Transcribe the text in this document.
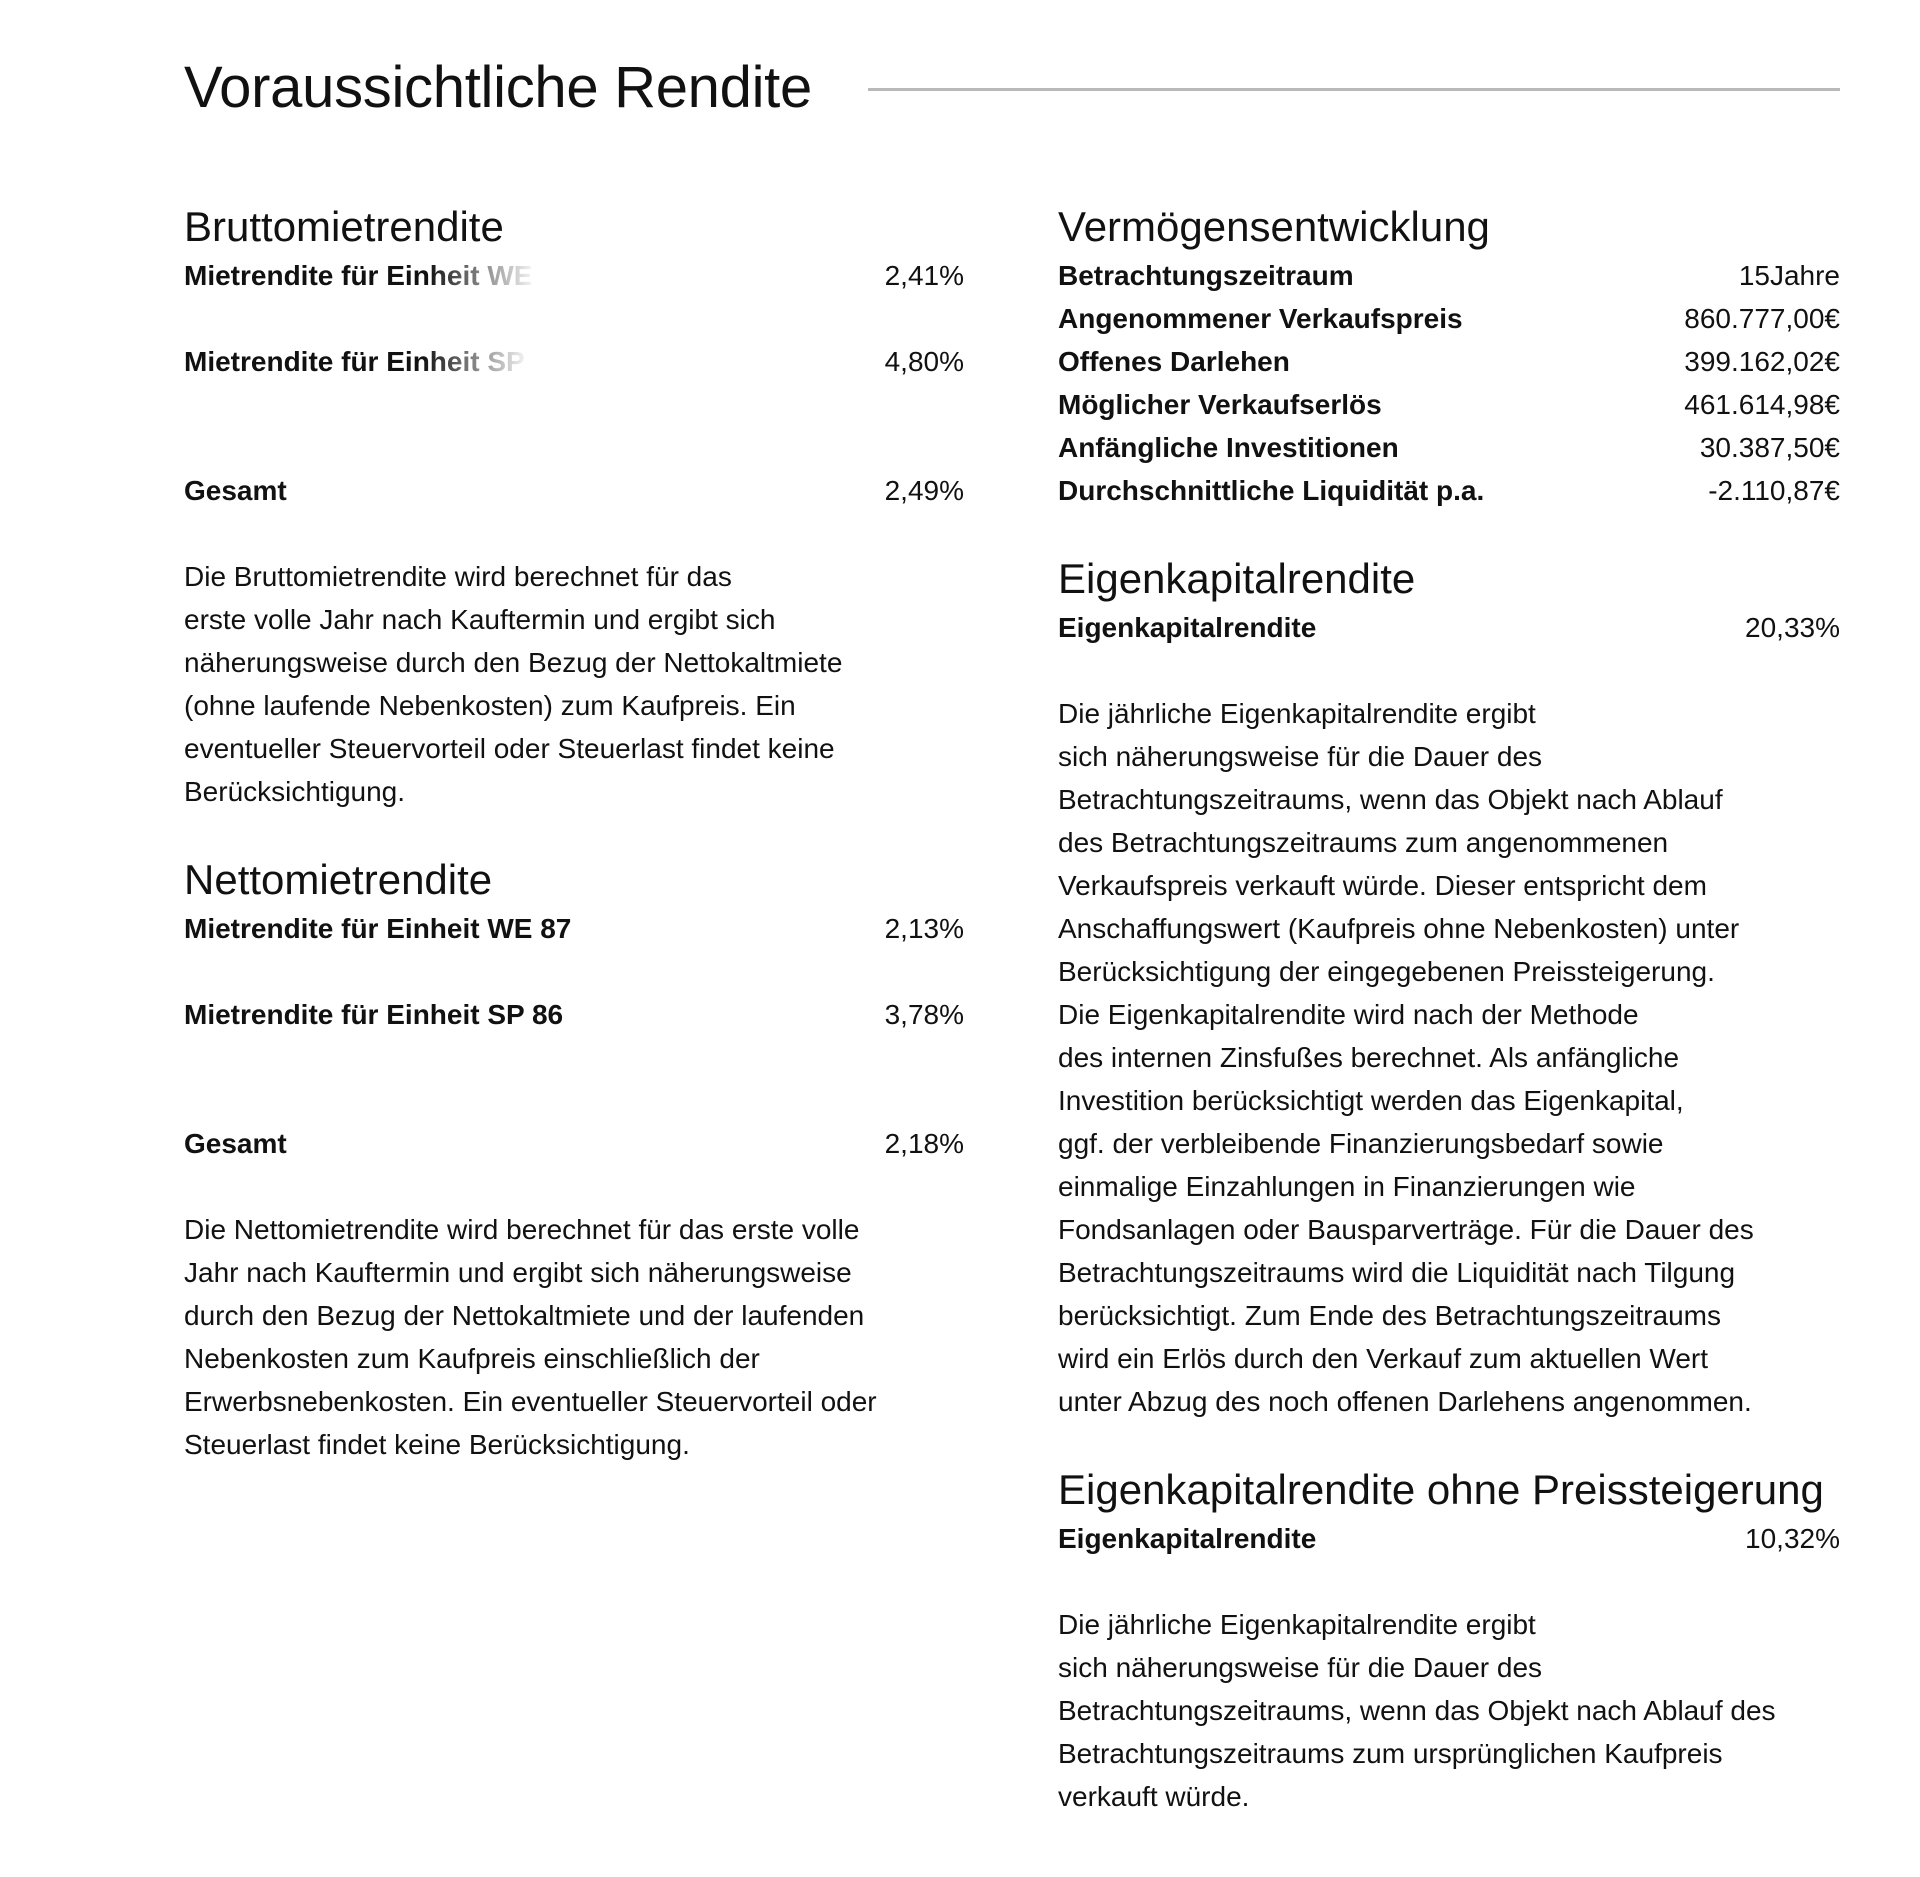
Voraussichtliche Rendite
Bruttomietrendite
Mietrendite für Einheit WE	2,41%
Mietrendite für Einheit SP	4,80%
Gesamt	2,49%

Die Bruttomietrendite wird berechnet für das
erste volle Jahr nach Kauftermin und ergibt sich
näherungsweise durch den Bezug der Nettokaltmiete
(ohne laufende Nebenkosten) zum Kaufpreis. Ein
eventueller Steuervorteil oder Steuerlast findet keine
Berücksichtigung.

Nettomietrendite
Mietrendite für Einheit WE 87	2,13%
Mietrendite für Einheit SP 86	3,78%
Gesamt	2,18%

Die Nettomietrendite wird berechnet für das erste volle
Jahr nach Kauftermin und ergibt sich näherungsweise
durch den Bezug der Nettokaltmiete und der laufenden
Nebenkosten zum Kaufpreis einschließlich der
Erwerbsnebenkosten. Ein eventueller Steuervorteil oder
Steuerlast findet keine Berücksichtigung.

Vermögensentwicklung
Betrachtungszeitraum	15Jahre
Angenommener Verkaufspreis	860.777,00€
Offenes Darlehen	399.162,02€
Möglicher Verkaufserlös	461.614,98€
Anfängliche Investitionen	30.387,50€
Durchschnittliche Liquidität p.a.	-2.110,87€
Eigenkapitalrendite
Eigenkapitalrendite	20,33%

Die jährliche Eigenkapitalrendite ergibt
sich näherungsweise für die Dauer des
Betrachtungszeitraums, wenn das Objekt nach Ablauf
des Betrachtungszeitraums zum angenommenen
Verkaufspreis verkauft würde. Dieser entspricht dem
Anschaffungswert (Kaufpreis ohne Nebenkosten) unter
Berücksichtigung der eingegebenen Preissteigerung.
Die Eigenkapitalrendite wird nach der Methode
des internen Zinsfußes berechnet. Als anfängliche
Investition berücksichtigt werden das Eigenkapital,
ggf. der verbleibende Finanzierungsbedarf sowie
einmalige Einzahlungen in Finanzierungen wie
Fondsanlagen oder Bausparverträge. Für die Dauer des
Betrachtungszeitraums wird die Liquidität nach Tilgung
berücksichtigt. Zum Ende des Betrachtungszeitraums
wird ein Erlös durch den Verkauf zum aktuellen Wert
unter Abzug des noch offenen Darlehens angenommen.

Eigenkapitalrendite ohne Preissteigerung
Eigenkapitalrendite	10,32%

Die jährliche Eigenkapitalrendite ergibt
sich näherungsweise für die Dauer des
Betrachtungszeitraums, wenn das Objekt nach Ablauf des
Betrachtungszeitraums zum ursprünglichen Kaufpreis
verkauft würde.
